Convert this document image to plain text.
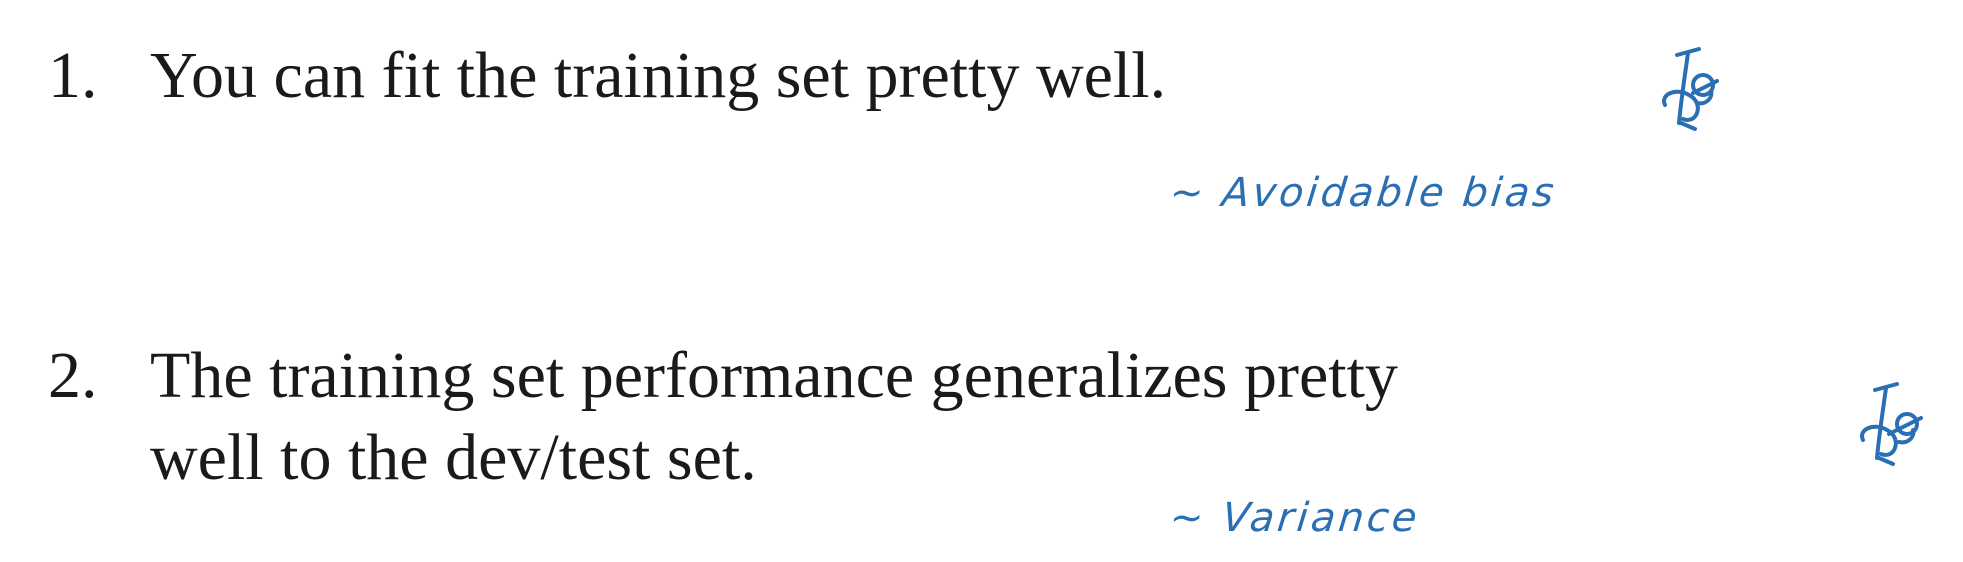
1. You can fit the training set pretty well.
2. The training set performance generalizes pretty
well to the dev/test set.
~ Avoidable bias
~ Variance
